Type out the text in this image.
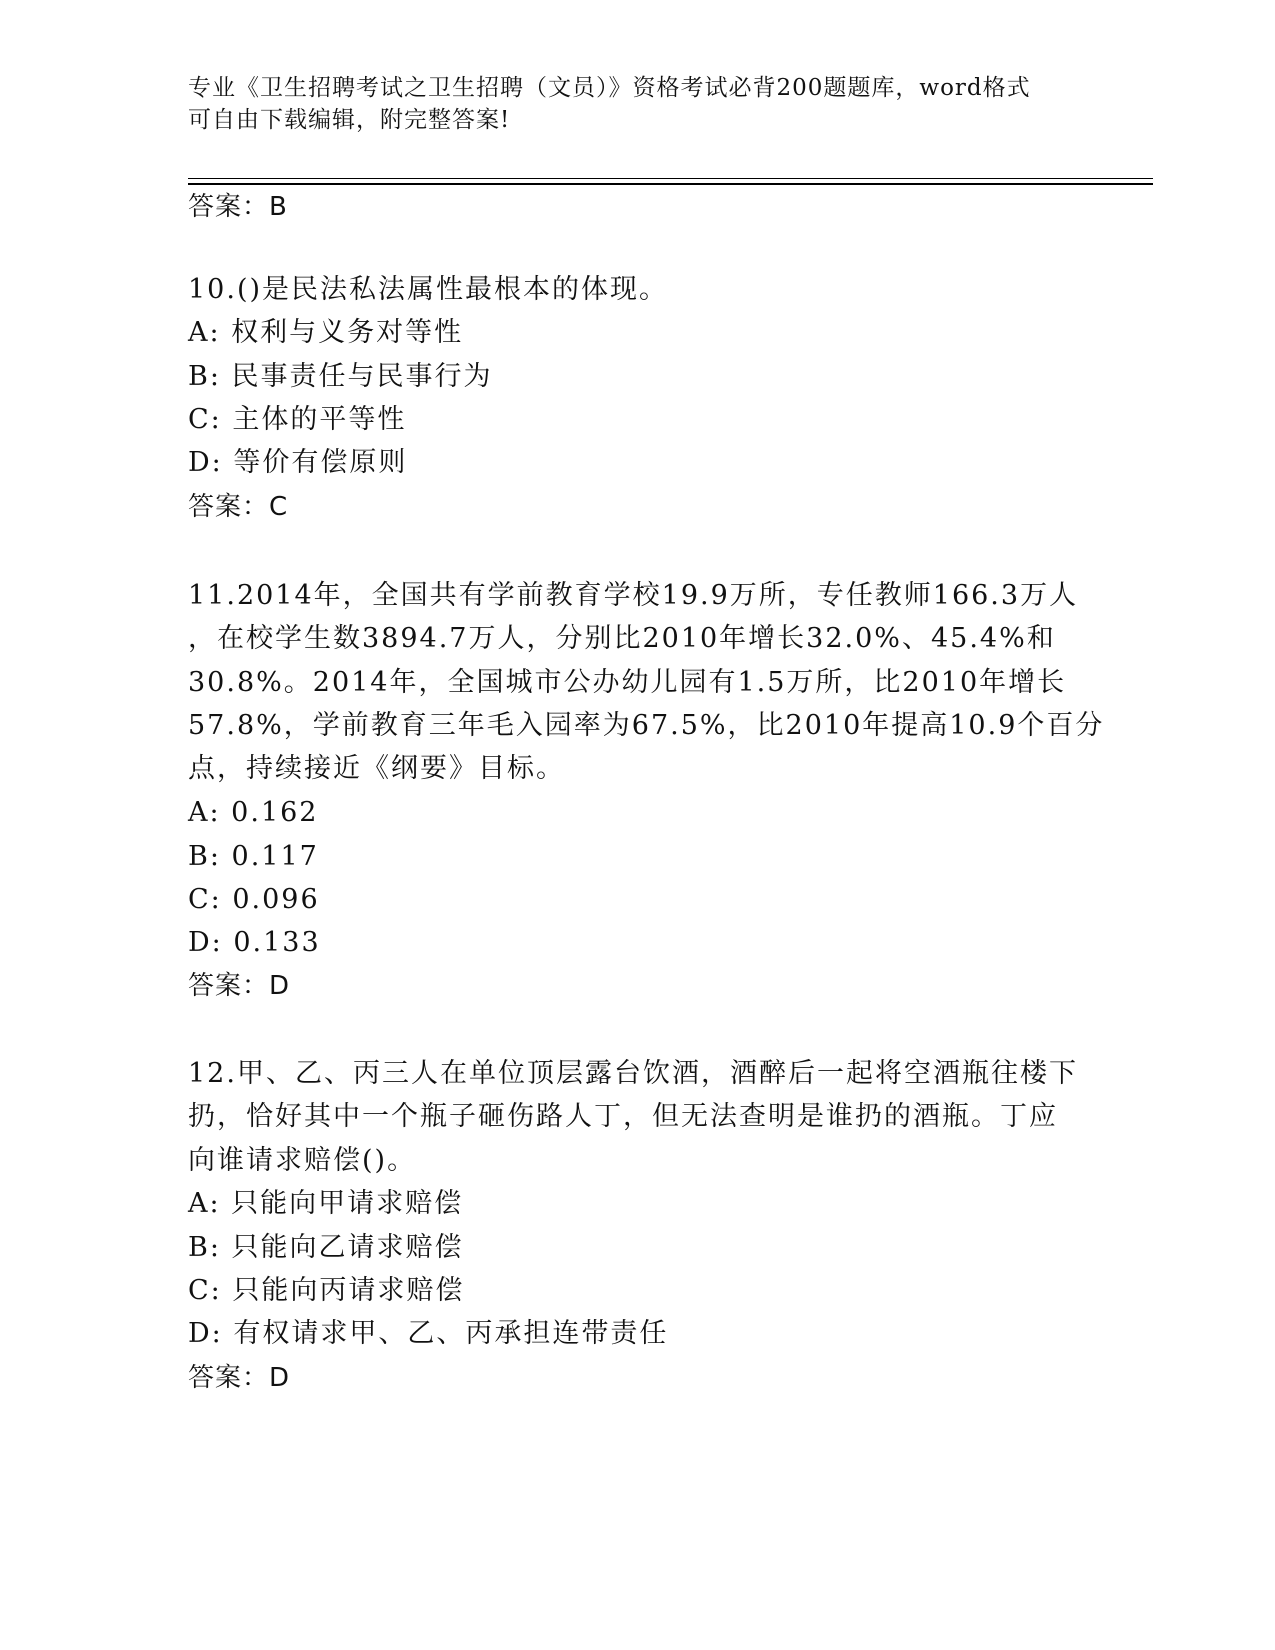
专业《卫生招聘考试之卫生招聘（文员）》资格考试必背200题题库，word格式
可自由下载编辑，附完整答案!
答案：B
10.()是民法私法属性最根本的体现。
A: 权利与义务对等性
B: 民事责任与民事行为
C: 主体的平等性
D: 等价有偿原则
答案：C
11.2014年，全国共有学前教育学校19.9万所，专任教师166.3万人
，在校学生数3894.7万人，分别比2010年增长32.0%、45.4%和
30.8%。2014年，全国城市公办幼儿园有1.5万所，比2010年增长
57.8%，学前教育三年毛入园率为67.5%，比2010年提高10.9个百分
点，持续接近《纲要》目标。
A: 0.162
B: 0.117
C: 0.096
D: 0.133
答案：D
12.甲、乙、丙三人在单位顶层露台饮酒，酒醉后一起将空酒瓶往楼下
扔，恰好其中一个瓶子砸伤路人丁，但无法查明是谁扔的酒瓶。丁应
向谁请求赔偿()。
A: 只能向甲请求赔偿
B: 只能向乙请求赔偿
C: 只能向丙请求赔偿
D: 有权请求甲、乙、丙承担连带责任
答案：D
